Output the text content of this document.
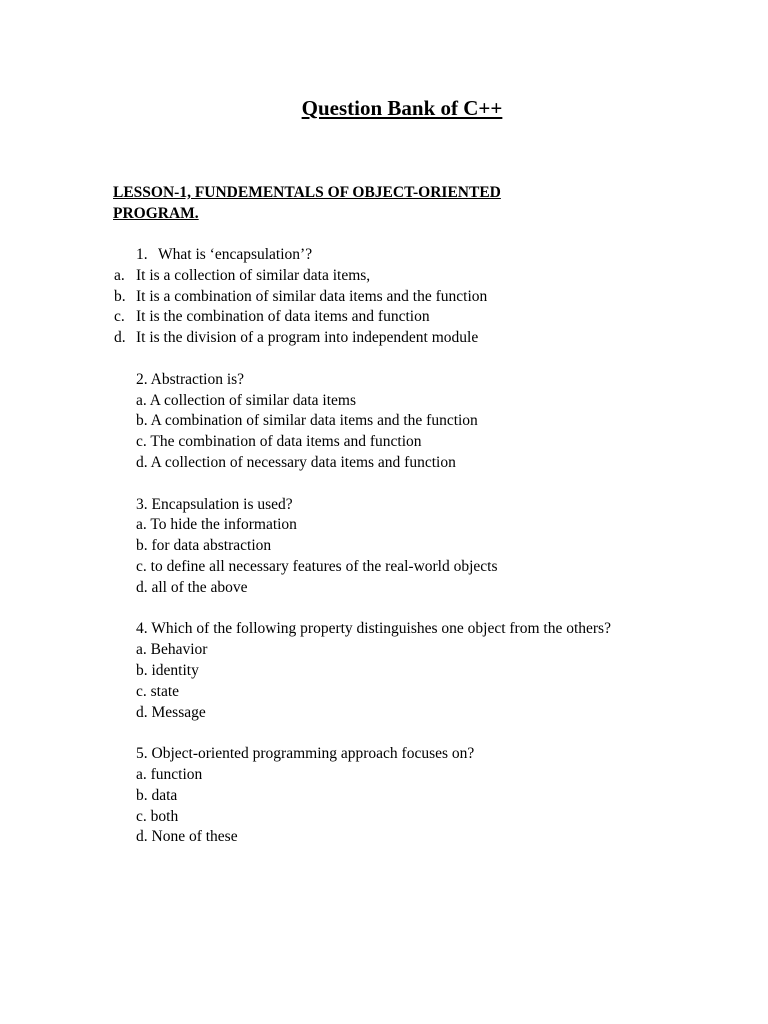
Question Bank of C++
LESSON-1, FUNDEMENTALS OF OBJECT-ORIENTED PROGRAM.

1. What is ‘encapsulation’?

a. It is a collection of similar data items,

b. It is a combination of similar data items and the function

c. It is the combination of data items and function

d. It is the division of a program into independent module

2. Abstraction is?

a. A collection of similar data items

b. A combination of similar data items and the function

c. The combination of data items and function

d. A collection of necessary data items and function

3. Encapsulation is used?

a. To hide the information

b. for data abstraction

c. to define all necessary features of the real-world objects

d. all of the above

4. Which of the following property distinguishes one object from the others?

a. Behavior

b. identity

c. state

d. Message

5. Object-oriented programming approach focuses on?

a. function

b. data

c. both

d. None of these
